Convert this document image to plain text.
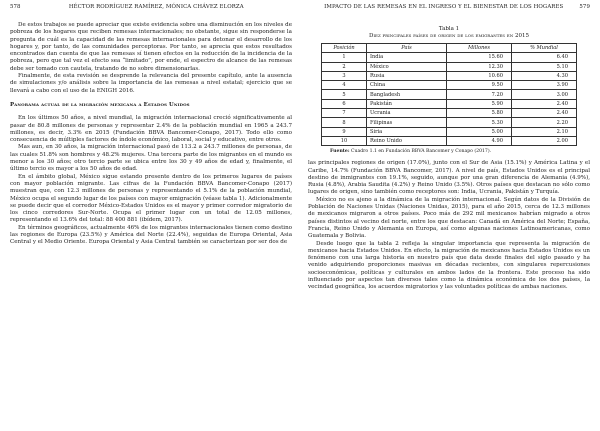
578	HÉCTOR RODRÍGUEZ RAMÍREZ, MÓNICA CHÁVEZ ELORZA

De estos trabajos se puede apreciar que existe evidencia sobre una disminución en los niveles de pobreza de los hogares que reciben remesas internacionales; no obstante, sigue sin responderse la pregunta de cuál es la capacidad de las remesas internacionales para detonar el desarrollo de los hogares y, por tanto, de las comunidades perceptoras. Por tanto, se aprecia que estos resultados encontrados dan cuenta de que las remesas sí tienen efectos en la reducción de la incidencia de la pobreza, pero que tal vez el efecto sea “limitado”, por ende, el espectro de alcance de las remesas debe ser tomado con cautela, tratando de no sobre dimensionarlas.

Finalmente, de esta revisión se desprende la relevancia del presente capítulo, ante la ausencia de simulaciones y/o análisis sobre la importancia de las remesas a nivel estatal; ejercicio que se llevará a cabo con el uso de la ENIGH 2016.

Panorama actual de la migración mexicana a Estados Unidos

En los últimos 50 años, a nivel mundial, la migración internacional creció significativamente al pasar de 80.8 millones de personas y representar 2.4% de la población mundial en 1965 a 243.7 millones, es decir, 3.3% en 2015 (Fundación BBVA Bancomer-Conapo, 2017). Todo ello como consecuencia de múltiples factores de índole económico, laboral, social y educativo, entre otros.

Mas aun, en 30 años, la migración internacional pasó de 113.2 a 243.7 millones de personas, de las cuales 51.8% son hombres y 48.2% mujeres. Una tercera parte de los migrantes en el mundo es menor a los 30 años; otro tercio parte se ubica entre los 30 y 49 años de edad y, finalmente, el último tercio es mayor a los 50 años de edad.

En el ámbito global, México sigue estando presente dentro de los primeros lugares de países con mayor población migrante. Las cifras de la Fundación BBVA Bancomer-Conapo (2017) muestran que, con 12.3 millones de personas y representando el 5.1% de la población mundial, México ocupa el segundo lugar de los países con mayor emigración (véase tabla 1). Adicionalmente se puede decir que el corredor México-Estados Unidos es el mayor y primer corredor migratorio de los cinco corredores Sur-Norte. Ocupa el primer lugar con un total de 12.05 millones, representando el 13.6% del total: 88 400 881 (ibídem, 2017).

En términos geográficos, actualmente 46% de los migrantes internacionales tienen como destino las regiones de Europa (23.5%) y América del Norte (22.4%), seguidas de Europa Oriental, Asia Central y el Medio Oriente. Europa Oriental y Asia Central también se caracterizan por ser dos de

IMPACTO DE LAS REMESAS EN EL INGRESO Y EL BIENESTAR DE LOS HOGARES	579
Tabla 1
Diez principales países de origen de los emigrantes en 2015
Posición	País	Millones	% Mundial
1	India	15.60	6.40
2	México	12.30	5.10
3	Rusia	10.60	4.30
4	China	9.50	3.90
5	Bangladesh	7.20	3.00
6	Pakistán	5.90	2.40
7	Ucrania	5.80	2.40
8	Filipinas	5.30	2.20
9	Siria	5.00	2.10
10	Reino Unido	4.90	2.00
Fuente: Cuadro 1.1 en Fundación BBVA Bancomer y Conapo (2017).

las principales regiones de origen (17.0%), junto con el Sur de Asia (15.1%) y América Latina y el Caribe, 14.7% (Fundación BBVA Bancomer, 2017). A nivel de país, Estados Unidos es el principal destino de inmigrantes con 19.1%, seguido, aunque por una gran diferencia de Alemania (4.9%), Rusia (4.8%), Arabia Saudita (4.2%) y Reino Unido (3.5%). Otros países que destacan no sólo como lugares de origen, sino también como receptores son: India, Ucrania, Pakistán y Turquía.

México no es ajeno a la dinámica de la migración internacional. Según datos de la División de Población de Naciones Unidas (Naciones Unidas, 2015), para el año 2015, cerca de 12.3 millones de mexicanos migraron a otros países. Poco más de 292 mil mexicanos habrían migrado a otros países distintos al vecino del norte, entre los que destacan: Canadá en América del Norte; España, Francia, Reino Unido y Alemania en Europa, así como algunas naciones Latinoamericanas, como Guatemala y Bolivia.

Desde luego que la tabla 2 refleja la singular importancia que representa la migración de mexicanos hacia Estados Unidos. En efecto, la migración de mexicanos hacia Estados Unidos es un fenómeno con una larga historia en nuestro país que data desde finales del siglo pasado y ha venido adquiriendo proporciones masivas en décadas recientes, con singulares repercusiones socioeconómicas, políticas y culturales en ambos lados de la frontera. Este proceso ha sido influenciado por aspectos tan diversos tales como la dinámica económica de los dos países, la vecindad geográfica, los acuerdos migratorios y las voluntades políticas de ambas naciones.
